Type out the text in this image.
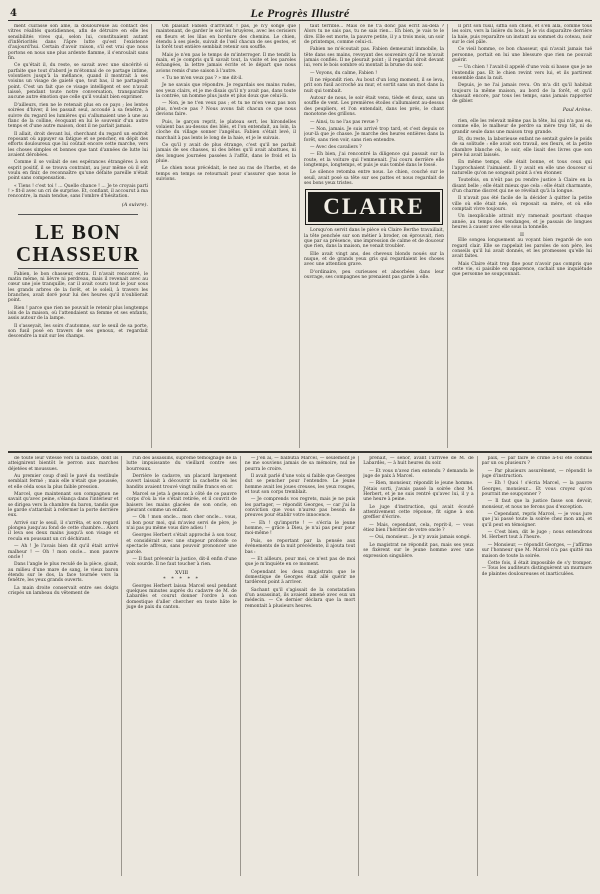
4	Le Progrès Illustré

ment cuirassé son âme, la douloureuse au contact des vitres réalités quotidiennes, afin de détruire en elle les sensibilités vives qui, selon lui, constituaient autant d'infériorités dans l'âpre lutte qu'est l'existence d'aujourd'hui. Certain d'avoir raison, s'il est vrai que nous portons en nous une plus ardente flamme, il s'enroulait sans fin.

Ce qu'était il, du reste, se savait avec une sincérité si parfaite que tout d'abord je m'étonnai de ce partage intime, volontiers jusqu'à la méfiance, quand il montrait à ses voisins un visage de gaieté que, tout bas, il ne partageait point. C'est un fait que ce visage intelligent et sec n'avait laissé, pendant toute notre conversation, transparaître aucune autre émotion que celle qu'il voulait bien exprimer.

D'ailleurs, rien ne le retenait plus en ce pays ; les lentes soirées d'hiver, il les passait seul, accoudé à sa fenêtre, à suivre du regard les lumières qui s'allumaient une à une au flanc de la colline, évoquant en lui le souvenir d'un autre temps et d'une autre maison, dont il ne parlait jamais.

Il allait, droit devant lui, cherchant du regard un endroit reposant où appuyer sa fatigue et se pencher, en dépit des efforts douloureux que lui coûtait encore cette marche, vers les choses simples et bonnes que tant d'années de lutte lui avaient dérobées.

Comme il se voilait de ses espérances étrangères à son esprit positif, il se trouva contraint, au jour même où il eût voulu en finir, de reconnaître qu'une défaite pareille n'était point sans compensation.

« Tiens ! c'est toi ! ... Quelle chance ! ... Je te croyais parti ! » fit-il avec un cri de surprise. Et, confiant, il accourut à ma rencontre, la main tendue, sans l'ombre d'hésitation.

(A suivre).
LE BON CHASSEUR

Fabien, le bon chasseur, entra. Il n'avait rencontré, le matin même, ni lièvre ni perdreau, mais il revenait avec au cœur une joie tranquille, car il avait couru tout le jour sous les grands arbres de la forêt, et le soleil, à travers les branches, avait doré pour lui des heures qu'il n'oublierait point.

Rien ! parce que rien ne pouvait le retenir plus longtemps loin de la maison, où l'attendaient sa femme et ses enfants, assis autour de la lampe.

Il s'asseyait, les soirs d'automne, sur le seuil de sa porte, son fusil posé en travers de ses genoux, et regardait descendre la nuit sur les champs.

On plaisait Fabien d'arrivant ! pas, je n'y songe que maintenant, de garder le soir les bruyères, avec les cerisiers en fleurs et les lilas en bordure des chemins. Le chien, étendu à ses pieds, suivait de l'œil chacun de ses gestes, et la forêt tout entière semblait retenir son souffle.

Mais je n'en pas le temps de m'interroger. Il me tendit la main, et je compris qu'il savait tout, la visite et les paroles échangées, la lettre jamais écrite et le départ que nous avions remis d'une saison à l'autre.

« Tu ne m'en veux pas ? » me dit-il.

Je ne savais que répondre. Je regardais ses mains rudes, ses yeux clairs, et je me disais qu'il n'y avait pas, dans toute la contrée, un homme plus juste et plus doux que celui-là.

— Non, je ne t'en veux pas ; et tu ne m'en veux pas non plus, n'est-ce pas ? Nous avons fait chacun ce que nous devions faire.

Puis, le garçon reprit, le plateau sert, les hirondelles volaient bas au-dessus des blés, et l'on entendait, au loin, la cloche du village sonner l'angélus. Fabien s'était levé, il marchait à pas lents le long de la haie, et je le suivais.

Ce qu'il y avait de plus étrange, c'est qu'il ne parlait jamais de ses chasses, ni des bêtes qu'il avait abattues, ni des longues journées passées à l'affût, dans le froid et la pluie.

Le chien nous précédait, le nez au ras de l'herbe, et de temps en temps se retournait pour s'assurer que nous le suivions.

taut terrible... Mais ce ne t'a donc pas écrit au-delà ? Alors tu ne sais pas, tu ne sais rien... Eh bien, je vais te le dire. Elle est morte, la pauvre petite, il y a trois mois, un soir de printemps, comme celui-ci.

Fabien ne m'écoutait pas. Fabien demeurait immobile, la tête dans ses mains, revoyant des souvenirs qu'il ne m'avait jamais confiés. Il ne pleurait point ; il regardait droit devant lui, vers le bois sombre où montait la brume du soir.

— Voyons, du calme, Fabien !

Il ne répondit rien. Au bout d'un long moment, il se leva, prit son fusil accroché au mur, et sortit sans un mot dans la nuit qui tombait.

Autour de nous, le soir était venu, tiède et doux, sans un souffle de vent. Les premières étoiles s'allumaient au-dessus des peupliers, et l'on entendait, dans les prés, le chant monotone des grillons.

— Ainsi, tu ne l'as pas revue ?

— Non, jamais. Je suis arrivé trop tard, et c'est depuis ce jour-là que je chasse. Je marche des heures entières dans la forêt, sans rien voir, sans rien entendre.

— Avec des cavaliers ?

— Eh bien, j'ai rencontré la diligence qui passait sur la route, et la voiture qui l'emmenait. J'ai couru derrière elle longtemps, longtemps, et puis je suis tombé dans le fossé.

Le silence retomba entre nous. Le chien, couché sur le seuil, avait posé sa tête sur ses pattes et nous regardait de ses bons yeux tristes.

CLAIRE

Lorsqu'on servit dans le pièce où Claire Berthe travaillait, la tête penchée sur son métier à broder, on éprouvait, rien que par sa présence, une impression de calme et de douceur que rien, dans la maison, ne venait troubler.

Elle avait vingt ans, des cheveux blonds noués sur la nuque, et de grands yeux gris qui regardaient les choses avec une attention grave.

D'ordinaire, peu curieuses et absorbées dans leur ouvrage, ses compagnes ne prenaient pas garde à elle.

Il prit son fusil, siffla son chien, et s'en alla, comme tous les soirs, vers la lisière du bois. Je le vis disparaître derrière la haie, puis reparaître un instant au sommet du coteau, noir sur le ciel pâle.

Ce vieil homme, ce bon chasseur, qui n'avait jamais tué personne, portait en lui une blessure que rien ne pouvait guérir.

— Un chien ! l'avait-il appelé d'une voix si basse que je ne l'entendis pas. Et le chien revint vers lui, et ils partirent ensemble dans la nuit.

Depuis, je ne l'ai jamais revu. On m'a dit qu'il habitait toujours la même maison, au bord de la forêt, et qu'il chassait encore, par tous les temps, sans jamais rapporter de gibier.

Paul Arène.

rien, elle les relevait même pas la tête, lui qui n'a pas eu, comme elle, le malheur de perdre sa mère trop tôt, ni de grandir seule dans une maison trop grande.

Et, du reste, la laborieuse enfant ne sentait guère le poids de sa solitude : elle avait son travail, ses fleurs, et la petite chambre blanche où, le soir, elle lisait des livres que son père lui avait laissés.

En même temps, elle était bonne, et tous ceux qui l'approchaient l'aimaient. Il y avait en elle une douceur si naturelle qu'on ne songeait point à s'en étonner.

Toutefois, on n'eût pas pu rendre justice à Claire en la disant belle ; elle était mieux que cela : elle était charmante, d'un charme discret qui ne se révélait qu'à la longue.

Il n'avait pas été facile de la décider à quitter la petite ville où elle était née, où reposait sa mère, et où elle comptait vivre toujours.

Un inexplicable attrait m'y ramenait pourtant chaque année, au temps des vendanges, et je passais de longues heures à causer avec elle sous la tonnelle.

II

Elle songea longuement au voyant bien regardé de son regard clair. Elle se rappelait les paroles de son père, les conseils qu'il lui avait donnés, et les promesses qu'elle lui avait faites.

Mais Claire était trop fine pour n'avoir pas compris que cette vie, si paisible en apparence, cachait une inquiétude que personne ne soupçonnait.

de toute leur vitesse vers la bastide, dont ils atteignirent bientôt le perron aux marches déjetées et moussues.

Au premier coup d'œil le pavé du vestibule semblait fermé ; mais elle n'était que poussée, et elle céda sous la plus faible pression.

Marcel, que maintenant son compagnon ne savait qu'avec peine, s'élança dans l'intérieur et se dirigea vers la chambre du baron, tandis que le garde s'attardait à refermer la porte derrière eux.

Arrivé sur le seuil, il s'arrêta, et son regard plongea jusqu'au fond de cette chambre... Alors il leva ses deux mains jusqu'à son visage et recula en poussant un cri déchirant.

— Ah ! Je l'avais bien dit qu'il était arrivé malheur ! — Oh ! mon oncle... mon pauvre oncle !

Dans l'angle le plus reculé de la pièce, gisait, au milieu d'une mare de sang, le vieux baron étendu sur le dos, la face tournée vers la fenêtre, les yeux grands ouverts.

La main droite conservait entre ses doigts crispés un lambeau du vêtement de

l'un des assassins, suprême témoignage de la lutte impuissante du vieillard contre ses bourreaux.

Derrière le cadavre, un placard largement ouvert laissait à découvrir la cachette où les bandits avaient trouvé vingt mille francs en or.

Marcel se jeta à genoux à côté de ce pauvre corps d'où la vie s'était retirée, et il couvrit de baisers les mains glacées de son oncle, en pleurant comme un enfant.

— Oh ! mon oncle... mon cher oncle... vous, si bon pour moi, qui m'aviez servi de père, je n'ai pas pu même vous dire adieu !

Georges Herbert s'était approché à son tour, et considérait avec une stupeur profonde ce spectacle affreux, sans pouvoir prononcer une parole.

— Il faut prévenir la justice, dit-il enfin d'une voix sourde. Il ne faut toucher à rien.

XVIII
* * * * *

Georges Herbert laissa Marcel seul pendant quelques minutes auprès du cadavre de M. de Labardès et courut donner l'ordre à son domestique d'aller chercher en toute hâte le juge de paix du canton.

— J'en ai, — balbutia Marcel, — seulement je ne me souviens jamais de sa mémoire, nul ne pourra le croire.

Il avait parlé d'une voix si faible que Georges dut se pencher pour l'entendre. Le jeune homme avait les joues creuses, les yeux rouges, et tout son corps tremblait.

— Je comprends vos regrets, mais je ne puis les partager, — répondit Georges, — car j'ai la conviction que vous n'aurez pas besoin de preuves pour établir votre innocence.

— Eh ! qu'importe ! — s'écria le jeune homme, — grâce à Dieu, je n'ai pas peur pour moi-même !

Puis, se reportant par la pensée aux événements de la nuit précédente, il ajouta tout bas :

— Et ailleurs, pour moi, ce n'est pas de moi que je m'inquiète en ce moment.

Cependant les deux magistrats que le domestique de Georges était allé quérir ne tardèrent point à arriver.

Sachant qu'il s'agissait de la constatation d'un assassinat, ils avaient amené avec eux un médecin. — Ce dernier déclara que la mort remontait à plusieurs heures.

prenait, — sénor, avant l'arrivée de M. de Labardès, — à huit heures du soir.

— Et vous n'avez rien entendu ? demanda le juge de paix à Marcel.

— Rien, monsieur, répondit le jeune homme. J'étais sorti, j'avais passé la soirée chez M. Herbert, et je ne suis rentré qu'avec lui, il y a une heure à peine.

Le juge d'instruction, qui avait écouté attentivement cette réponse, fit signe à son greffier d'écrire.

— Mais, cependant, cela, reprit-il, — vous étiez bien l'héritier de votre oncle ?

— Oui, monsieur... Je n'y avais jamais songé.

Le magistrat ne répondit pas, mais ses yeux se fixèrent sur le jeune homme avec une expression singulière.

paix, — par faire le crime a-t-il été commis par un ou plusieurs ?

— Par plusieurs assurément, — répondit le juge d'instruction.

— Eh ! Quoi ! s'écria Marcel, — la pauvre Georges, monsieur... Et vous croyez qu'on pourrait me soupçonner ?

— Il faut que la justice fasse son devoir, monsieur, et nous ne ferons pas d'exception.

— Cependant, repris Marcel, — je vous jure que j'ai passé toute la soirée chez mon ami, et qu'il peut en témoigner.

— C'est bien, dit le juge ; nous entendrons M. Herbert tout à l'heure.

— Monsieur, — répondit Georges, — j'affirme sur l'honneur que M. Marcel n'a pas quitté ma maison de toute la soirée.

Cette fois, il était impossible de s'y tromper. — Tous les auditeurs distinguèrent un murmure de plaintes douloureuses et inarticulées.
